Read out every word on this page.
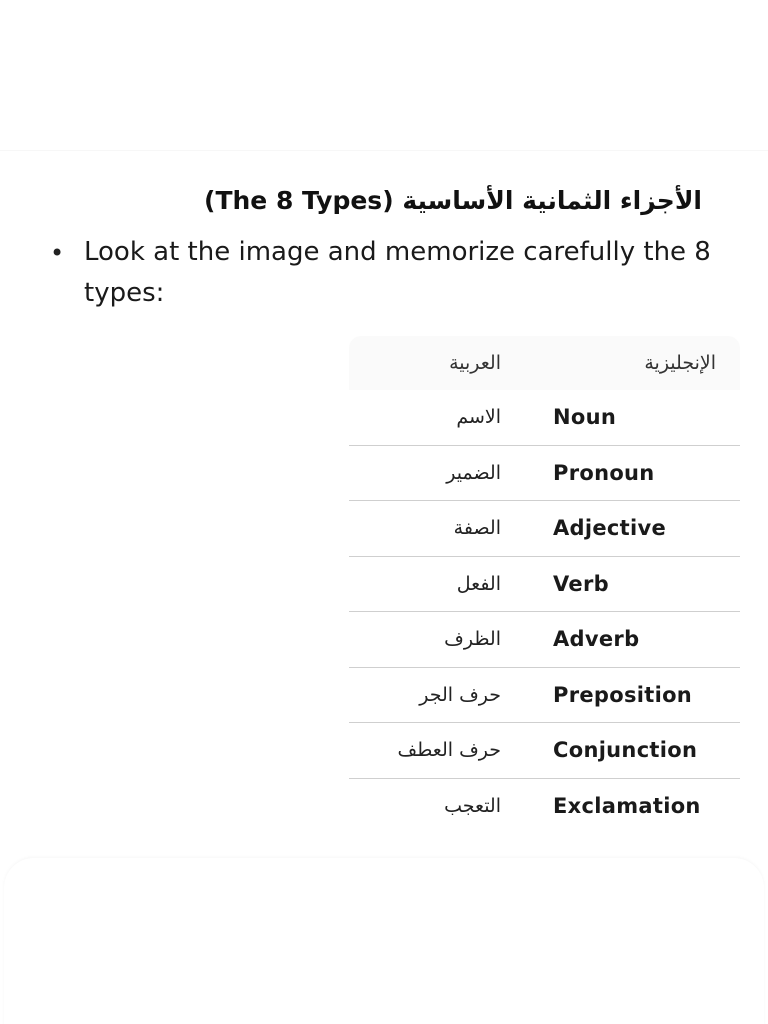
الأجزاء الثمانية الأساسية (The 8 Types)
• Look at the image and memorize carefully the 8 types:
العربية	الإنجليزية
الاسم	Noun
الضمير	Pronoun
الصفة	Adjective
الفعل	Verb
الظرف	Adverb
حرف الجر	Preposition
حرف العطف	Conjunction
التعجب	Exclamation
